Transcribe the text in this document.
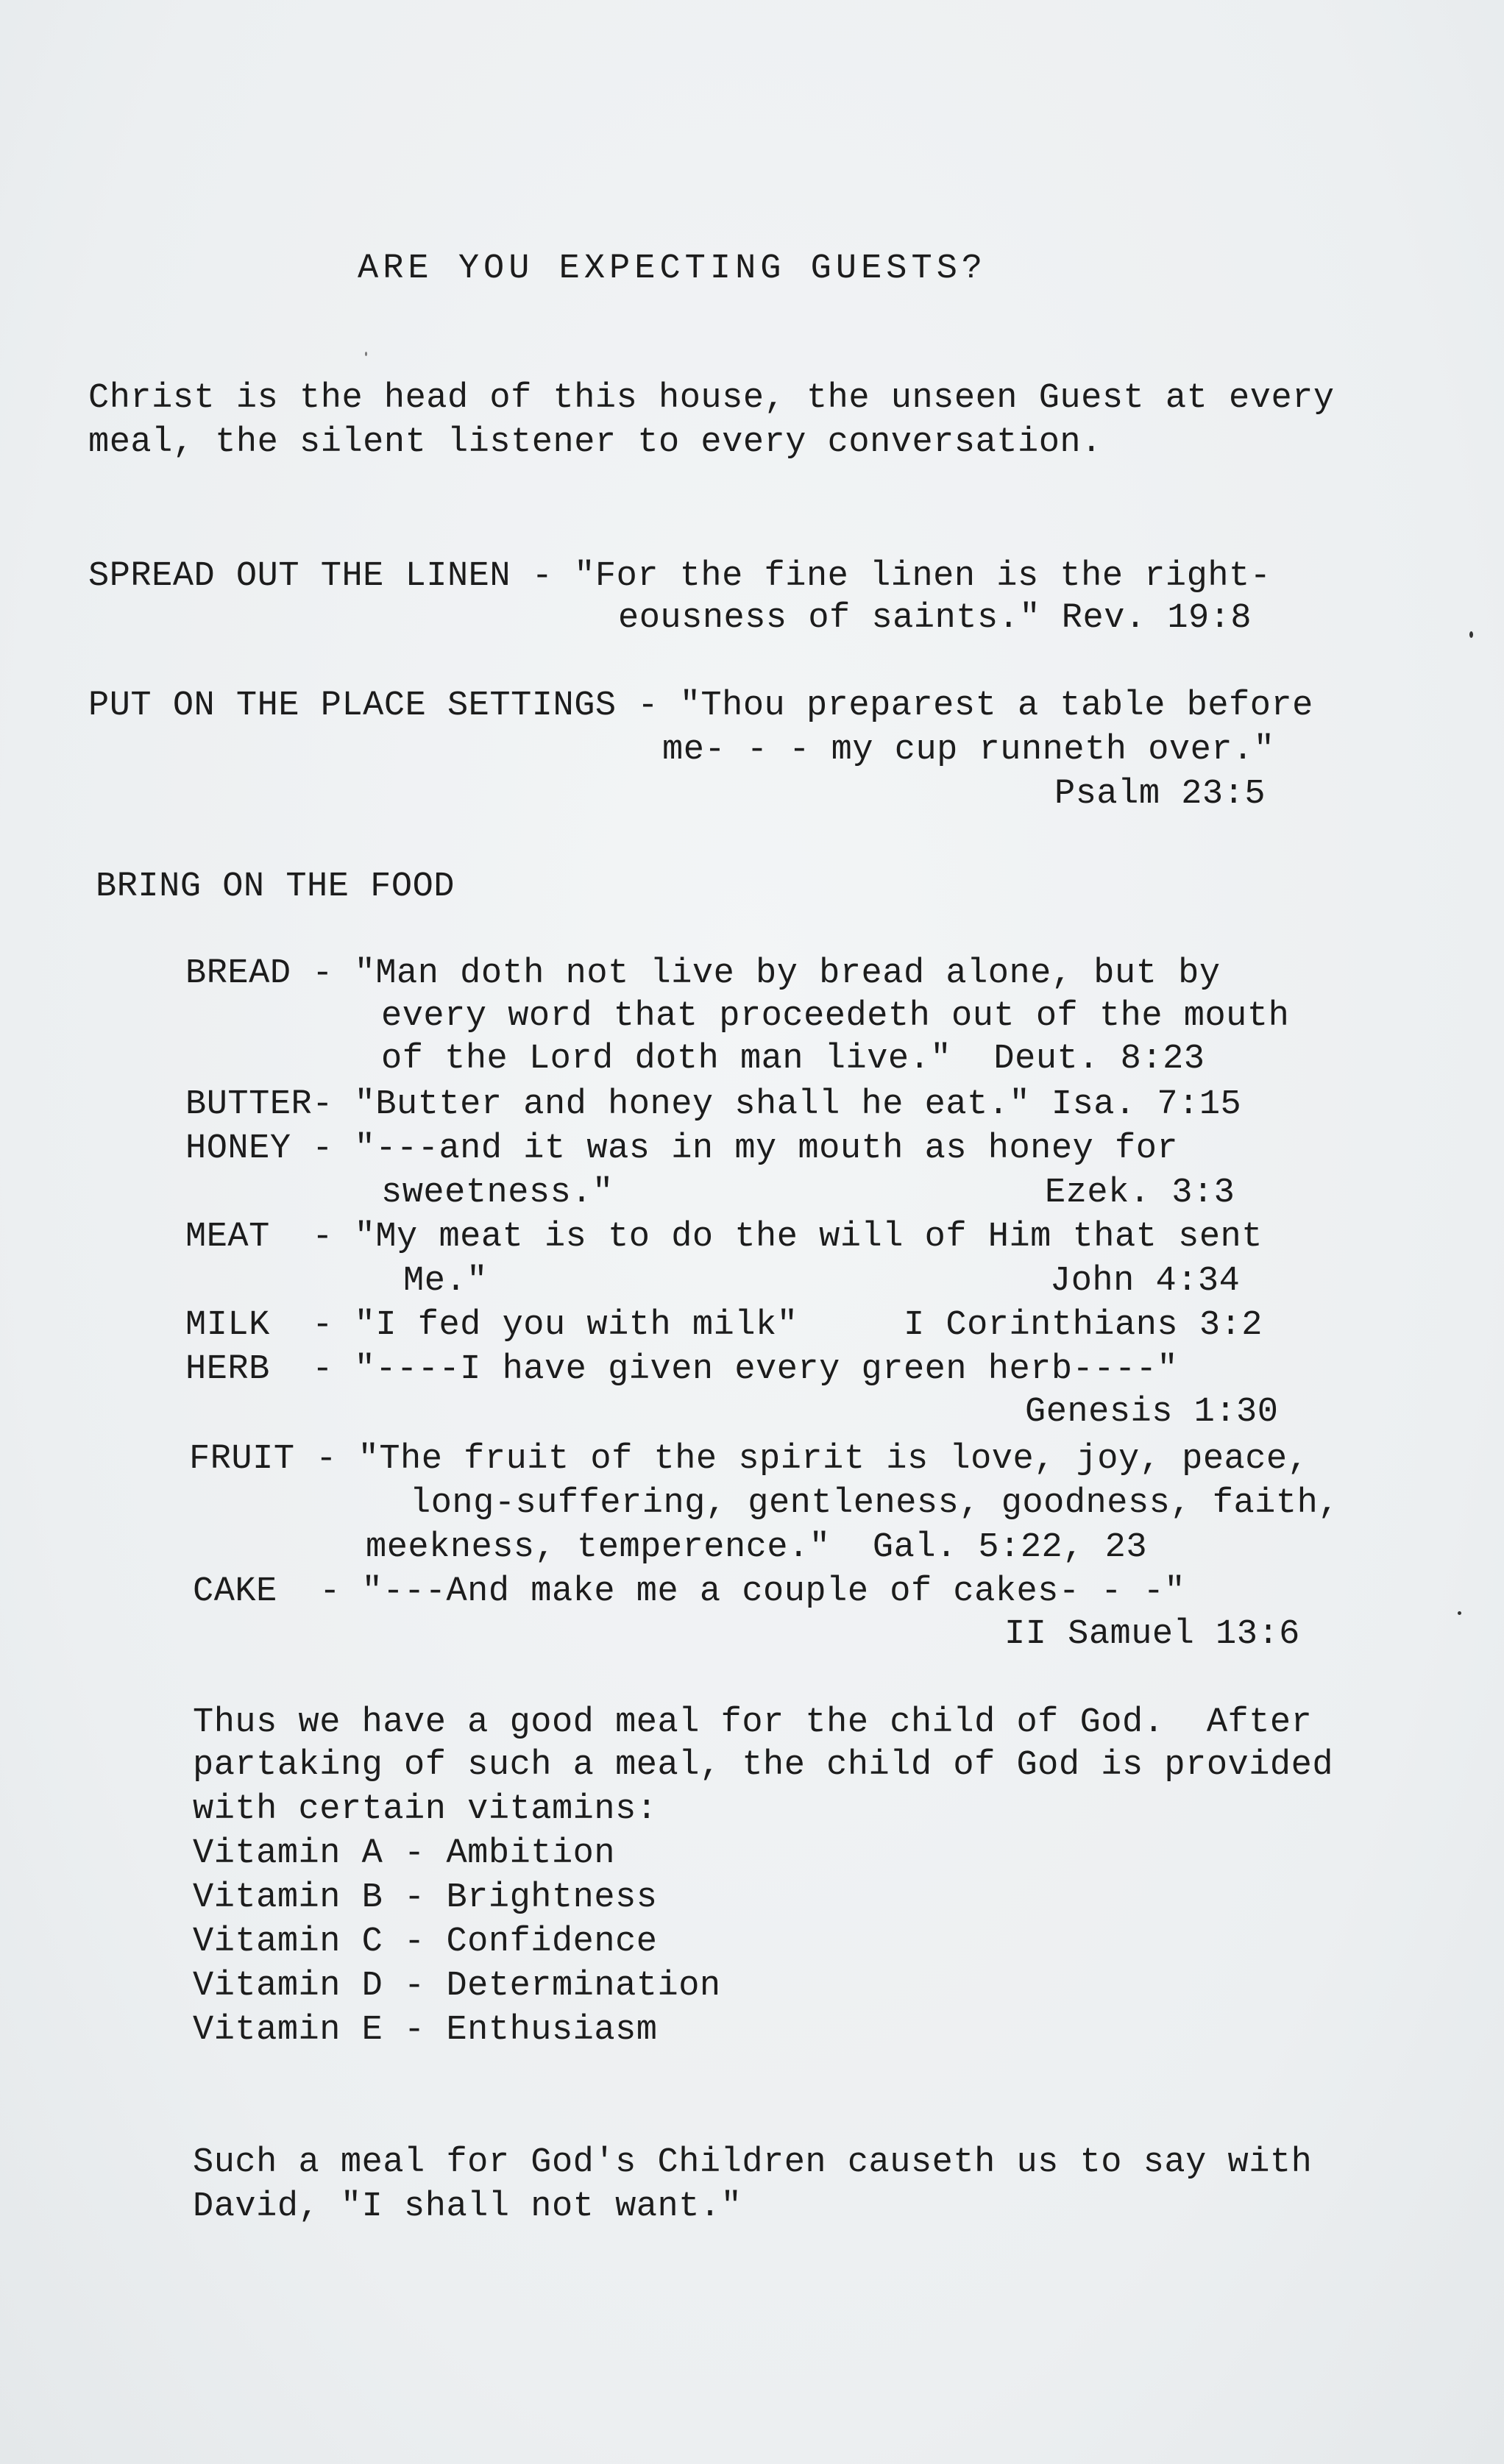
ARE YOU EXPECTING GUESTS?
Christ is the head of this house, the unseen Guest at every
meal, the silent listener to every conversation.
SPREAD OUT THE LINEN - "For the fine linen is the right-
eousness of saints." Rev. 19:8
PUT ON THE PLACE SETTINGS - "Thou preparest a table before
me- - - my cup runneth over."
Psalm 23:5
BRING ON THE FOOD
BREAD - "Man doth not live by bread alone, but by
every word that proceedeth out of the mouth
of the Lord doth man live."  Deut. 8:23
BUTTER- "Butter and honey shall he eat." Isa. 7:15
HONEY - "---and it was in my mouth as honey for
sweetness."	Ezek. 3:3
MEAT  - "My meat is to do the will of Him that sent
Me."	John 4:34
MILK  - "I fed you with milk"     I Corinthians 3:2
HERB  - "----I have given every green herb----"
Genesis 1:30
FRUIT - "The fruit of the spirit is love, joy, peace,
long-suffering, gentleness, goodness, faith,
meekness, temperence."  Gal. 5:22, 23
CAKE  - "---And make me a couple of cakes- - -"
II Samuel 13:6
Thus we have a good meal for the child of God.  After
partaking of such a meal, the child of God is provided
with certain vitamins:
Vitamin A - Ambition
Vitamin B - Brightness
Vitamin C - Confidence
Vitamin D - Determination
Vitamin E - Enthusiasm
Such a meal for God's Children causeth us to say with
David, "I shall not want."
